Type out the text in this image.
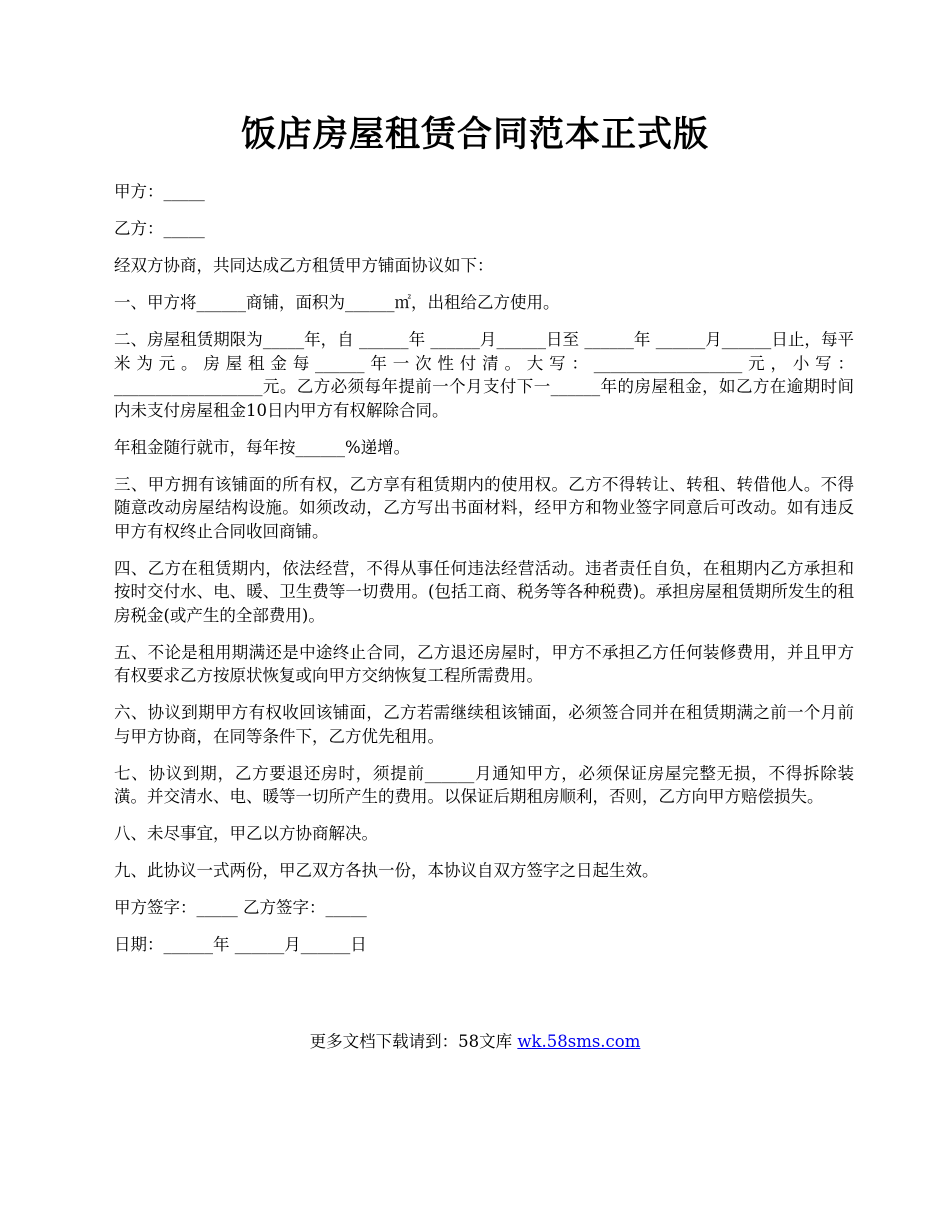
饭店房屋租赁合同范本正式版

甲方：_____

乙方：_____

经双方协商，共同达成乙方租赁甲方铺面协议如下：

一、甲方将______商铺，面积为______㎡，出租给乙方使用。

二、房屋租赁期限为_____年，自 ______年 ______月______日至 ______年 ______月______日止，每平米为元。房屋租金每______年一次性付清。大写：__________________元，小写：__________________元。乙方必须每年提前一个月支付下一______年的房屋租金，如乙方在逾期时间内未支付房屋租金10日内甲方有权解除合同。

年租金随行就市，每年按______%递增。

三、甲方拥有该铺面的所有权，乙方享有租赁期内的使用权。乙方不得转让、转租、转借他人。不得随意改动房屋结构设施。如须改动，乙方写出书面材料，经甲方和物业签字同意后可改动。如有违反甲方有权终止合同收回商铺。

四、乙方在租赁期内，依法经营，不得从事任何违法经营活动。违者责任自负，在租期内乙方承担和按时交付水、电、暖、卫生费等一切费用。(包括工商、税务等各种税费)。承担房屋租赁期所发生的租房税金(或产生的全部费用)。

五、不论是租用期满还是中途终止合同，乙方退还房屋时，甲方不承担乙方任何装修费用，并且甲方有权要求乙方按原状恢复或向甲方交纳恢复工程所需费用。

六、协议到期甲方有权收回该铺面，乙方若需继续租该铺面，必须签合同并在租赁期满之前一个月前与甲方协商，在同等条件下，乙方优先租用。

七、协议到期，乙方要退还房时，须提前______月通知甲方，必须保证房屋完整无损，不得拆除装潢。并交清水、电、暖等一切所产生的费用。以保证后期租房顺利，否则，乙方向甲方赔偿损失。

八、未尽事宜，甲乙以方协商解决。

九、此协议一式两份，甲乙双方各执一份，本协议自双方签字之日起生效。

甲方签字：_____ 乙方签字：_____

日期：______年 ______月______日

更多文档下载请到：58文库 wk.58sms.com
